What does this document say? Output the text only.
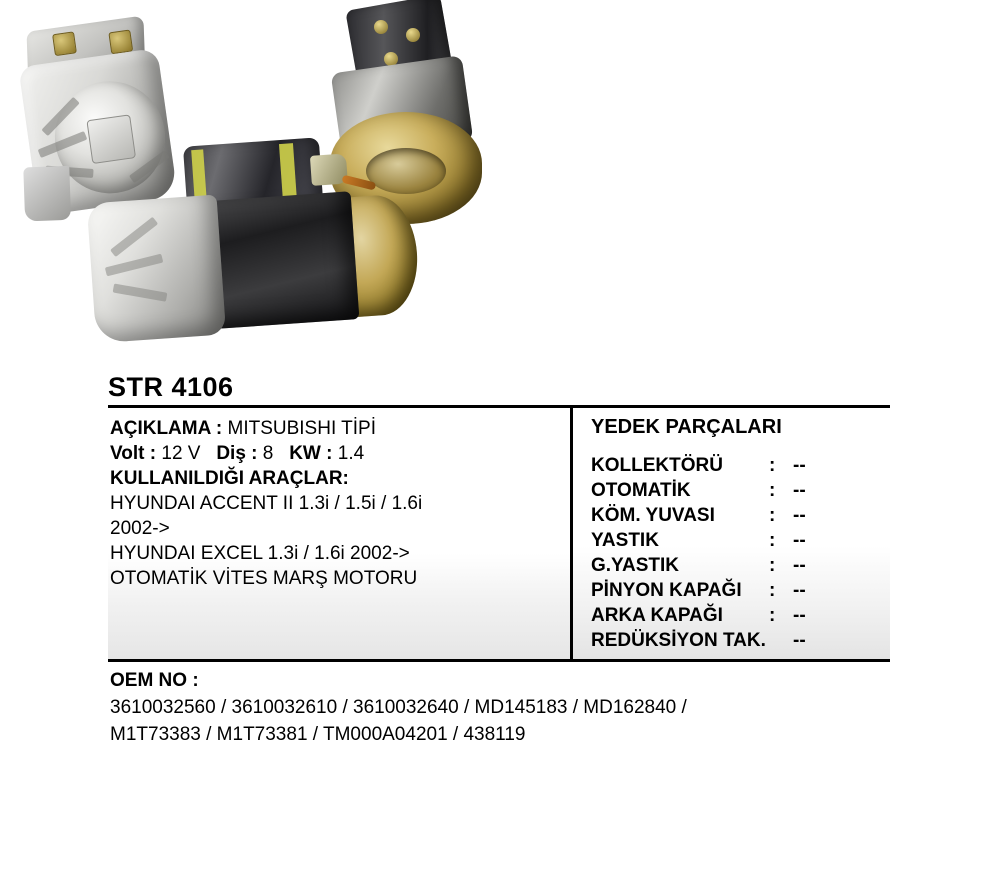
STR 4106
AÇIKLAMA : MITSUBISHI TİPİ
Volt : 12 V Diş : 8 KW : 1.4
KULLANILDIĞI ARAÇLAR:
HYUNDAI ACCENT II 1.3i / 1.5i / 1.6i
2002->
HYUNDAI EXCEL 1.3i / 1.6i 2002->
OTOMATİK VİTES MARŞ MOTORU
YEDEK PARÇALARI
KOLLEKTÖRÜ	: --
OTOMATİK	: --
KÖM. YUVASI	: --
YASTIK	: --
G.YASTIK	: --
PİNYON KAPAĞI	: --
ARKA KAPAĞI	: --
REDÜKSİYON TAK. --
OEM NO :
3610032560 / 3610032610 / 3610032640 / MD145183 / MD162840 /
M1T73383 / M1T73381 / TM000A04201 / 438119
